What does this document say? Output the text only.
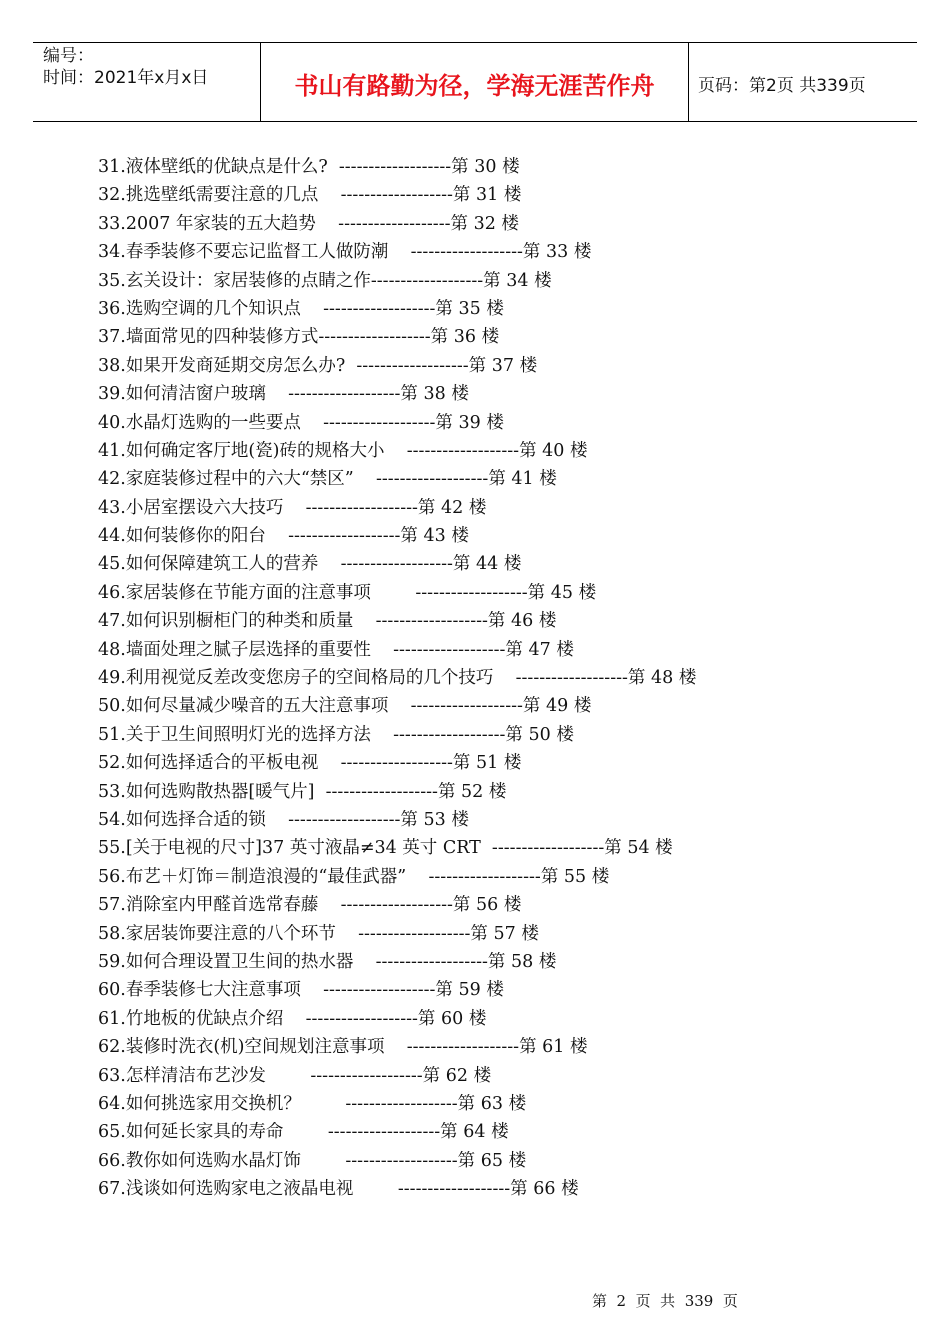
编号：
时间：2021年x月x日	书山有路勤为径，学海无涯苦作舟	页码：第2页 共339页
31.液体壁纸的优缺点是什么?  -------------------第 30 楼
32.挑选壁纸需要注意的几点    -------------------第 31 楼
33.2007 年家装的五大趋势    -------------------第 32 楼
34.春季装修不要忘记监督工人做防潮    -------------------第 33 楼
35.玄关设计：家居装修的点睛之作-------------------第 34 楼
36.选购空调的几个知识点    -------------------第 35 楼
37.墙面常见的四种装修方式-------------------第 36 楼
38.如果开发商延期交房怎么办?  -------------------第 37 楼
39.如何清洁窗户玻璃    -------------------第 38 楼
40.水晶灯选购的一些要点    -------------------第 39 楼
41.如何确定客厅地(瓷)砖的规格大小    -------------------第 40 楼
42.家庭装修过程中的六大“禁区”    -------------------第 41 楼
43.小居室摆设六大技巧    -------------------第 42 楼
44.如何装修你的阳台    -------------------第 43 楼
45.如何保障建筑工人的营养    -------------------第 44 楼
46.家居装修在节能方面的注意事项        -------------------第 45 楼
47.如何识别橱柜门的种类和质量    -------------------第 46 楼
48.墙面处理之腻子层选择的重要性    -------------------第 47 楼
49.利用视觉反差改变您房子的空间格局的几个技巧    -------------------第 48 楼
50.如何尽量减少噪音的五大注意事项    -------------------第 49 楼
51.关于卫生间照明灯光的选择方法    -------------------第 50 楼
52.如何选择适合的平板电视    -------------------第 51 楼
53.如何选购散热器[暖气片]  -------------------第 52 楼
54.如何选择合适的锁    -------------------第 53 楼
55.[关于电视的尺寸]37 英寸液晶≠34 英寸 CRT  -------------------第 54 楼
56.布艺＋灯饰＝制造浪漫的“最佳武器”    -------------------第 55 楼
57.消除室内甲醛首选常春藤    -------------------第 56 楼
58.家居装饰要注意的八个环节    -------------------第 57 楼
59.如何合理设置卫生间的热水器    -------------------第 58 楼
60.春季装修七大注意事项    -------------------第 59 楼
61.竹地板的优缺点介绍    -------------------第 60 楼
62.装修时洗衣(机)空间规划注意事项    -------------------第 61 楼
63.怎样清洁布艺沙发        -------------------第 62 楼
64.如何挑选家用交换机？        -------------------第 63 楼
65.如何延长家具的寿命        -------------------第 64 楼
66.教你如何选购水晶灯饰        -------------------第 65 楼
67.浅谈如何选购家电之液晶电视        -------------------第 66 楼
第  2  页  共  339  页
